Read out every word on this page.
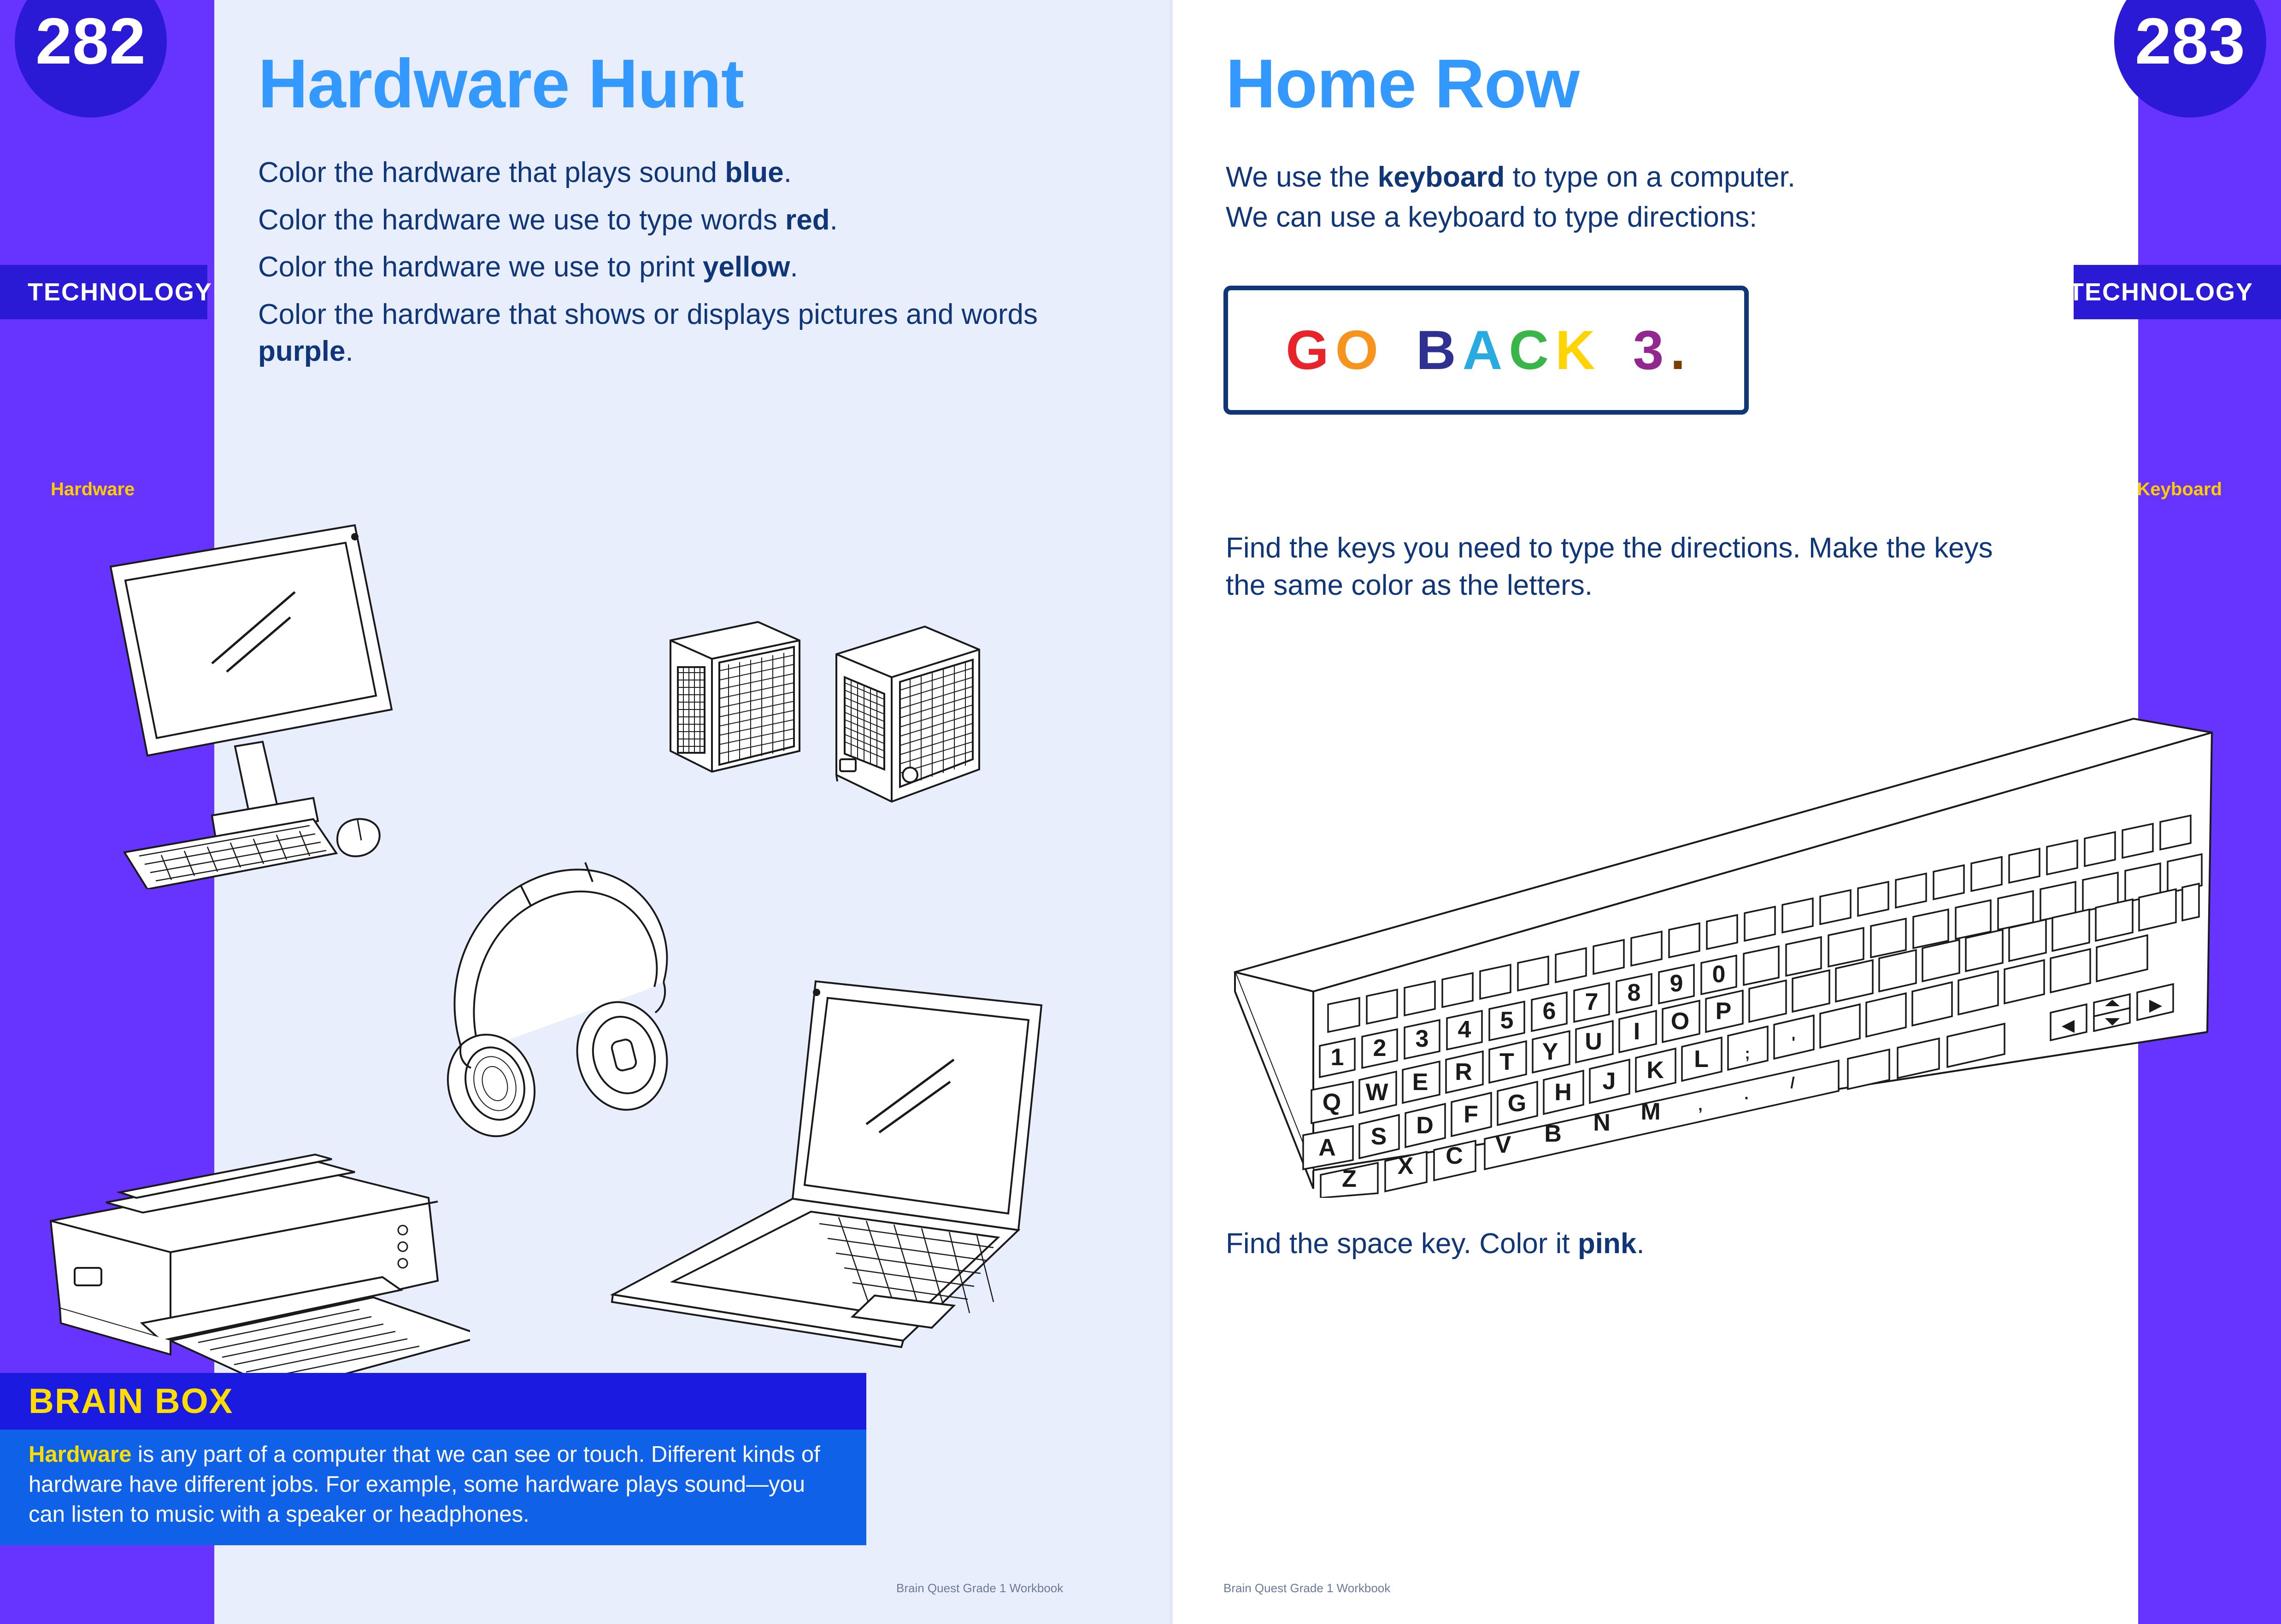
282	283
TECHNOLOGY	TECHNOLOGY
Hardware	Keyboard
Hardware Hunt	Home Row

Color the hardware that plays sound blue.

Color the hardware we use to type words red.

Color the hardware we use to print yellow.

Color the hardware that shows or displays pictures and words purple.

We use the keyboard to type on a computer.

We can use a keyboard to type directions:

G O B A C K 3 .

Find the keys you need to type the directions. Make the keys the same color as the letters.

Find the space key. Color it pink.

1 2 3 4 5 6 7 8 9 0
Q W E R T Y U I O P
A S D F G H J K L
Z X C V B N M
;
'
,
.
/
BRAIN BOX
Hardware is any part of a computer that we can see or touch. Different kinds of hardware have different jobs. For example, some hardware plays sound—you can listen to music with a speaker or headphones.
Brain Quest Grade 1 Workbook	Brain Quest Grade 1 Workbook
